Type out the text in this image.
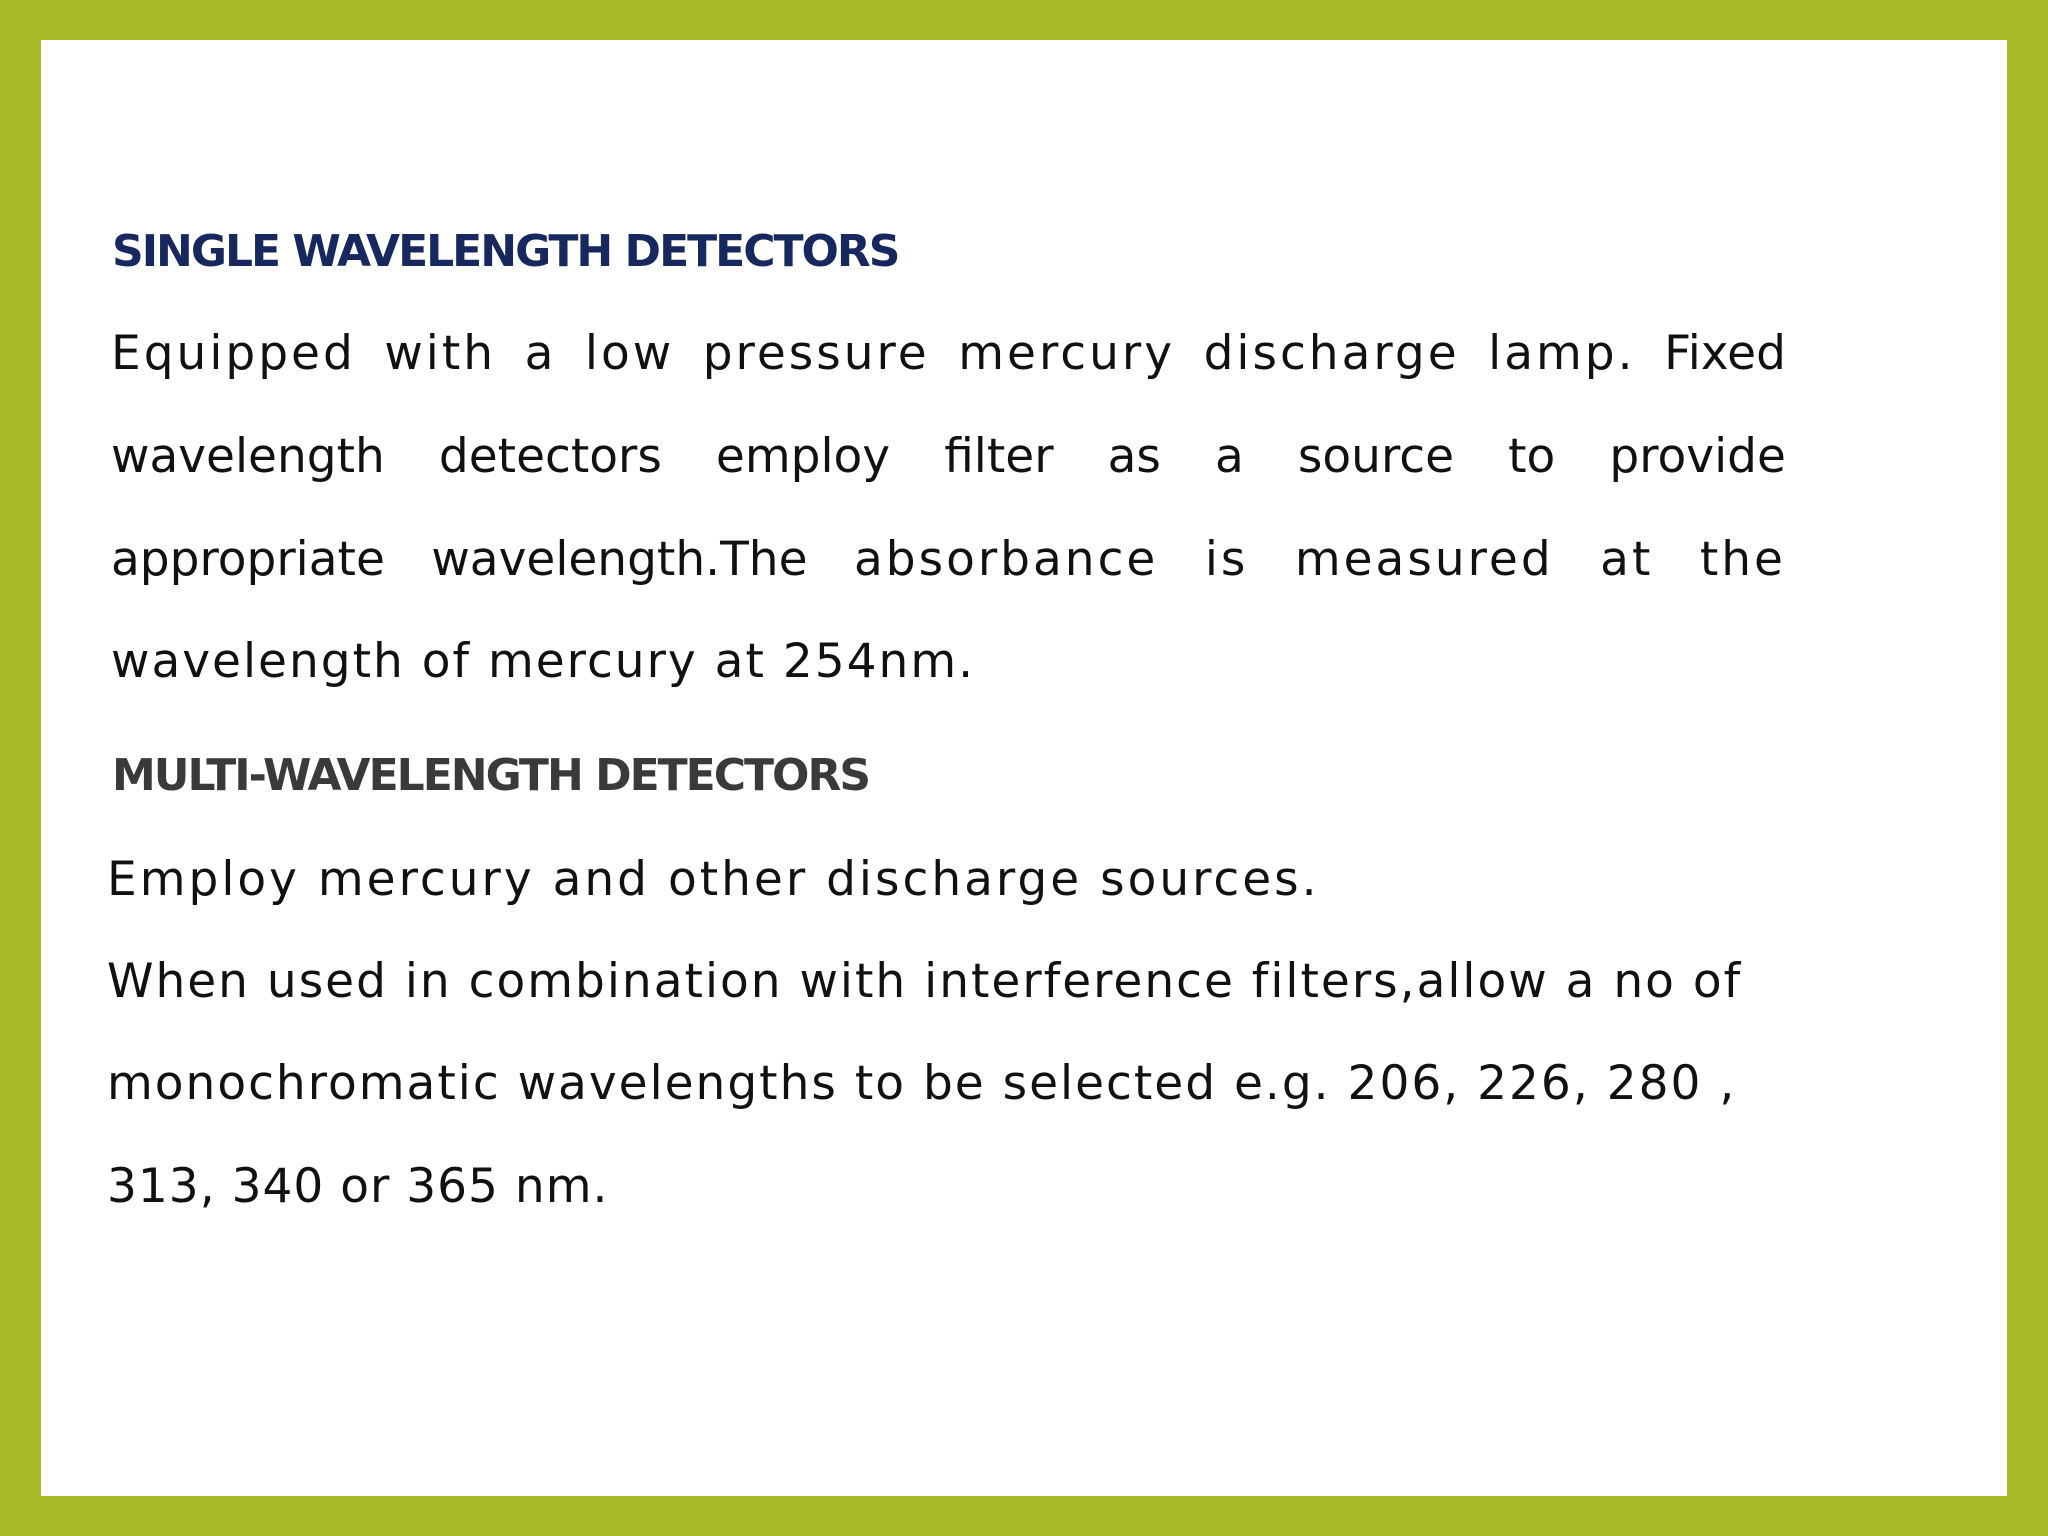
SINGLE WAVELENGTH DETECTORS

Equipped with a low pressure mercury discharge lamp. Fixed

wavelength detectors employ filter as a source to provide

appropriate wavelength.The absorbance is measured at the

wavelength of mercury at 254nm.

MULTI-WAVELENGTH DETECTORS

Employ mercury and other discharge sources.

When used in combination with interference filters,allow a no of

monochromatic wavelengths to be selected e.g. 206, 226, 280 ,

313, 340 or 365 nm.
